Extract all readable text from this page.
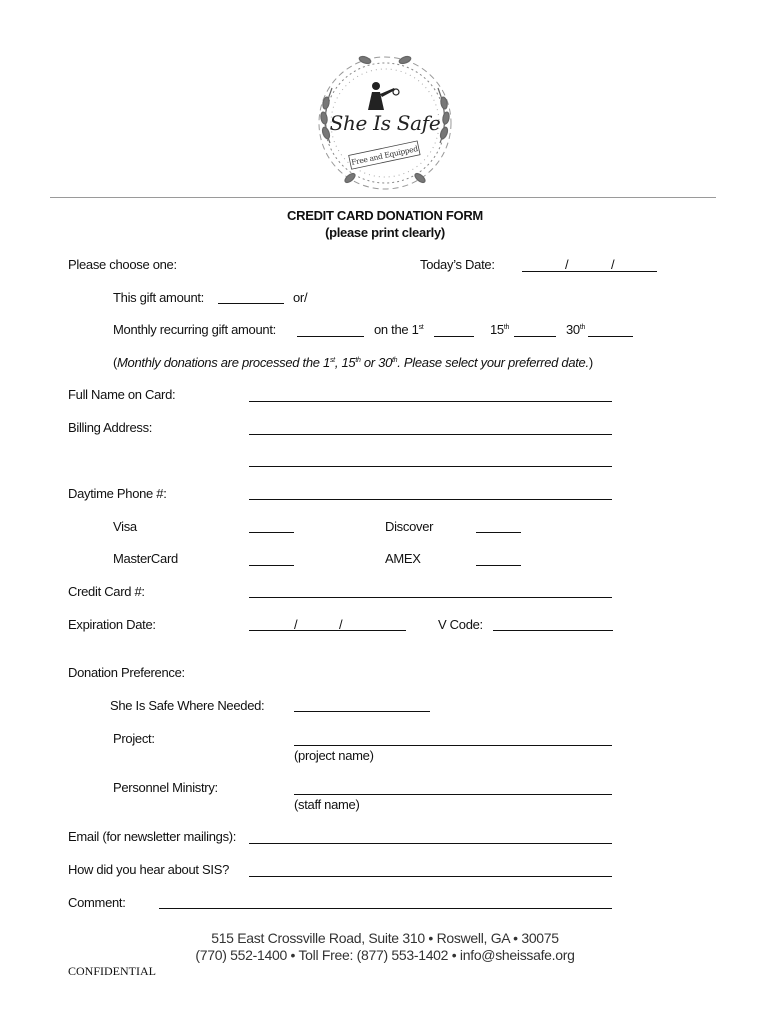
She Is Safe
Free and Equipped
CREDIT CARD DONATION FORM
(please print clearly)
Please choose one:	Today’s Date:	/	/
This gift amount:	or/
Monthly recurring gift amount:	on the 1st	15th	30th
(Monthly donations are processed the 1st, 15th or 30th. Please select your preferred date.)
Full Name on Card:
Billing Address:
Daytime Phone #:
Visa	Discover
MasterCard	AMEX
Credit Card #:
Expiration Date:	/	/	V Code:
Donation Preference:
She Is Safe Where Needed:
Project:
(project name)
Personnel Ministry:
(staff name)
Email (for newsletter mailings):
How did you hear about SIS?
Comment:
515 East Crossville Road, Suite 310 • Roswell, GA • 30075
(770) 552-1400 • Toll Free: (877) 553-1402 • info@sheissafe.org
CONFIDENTIAL
